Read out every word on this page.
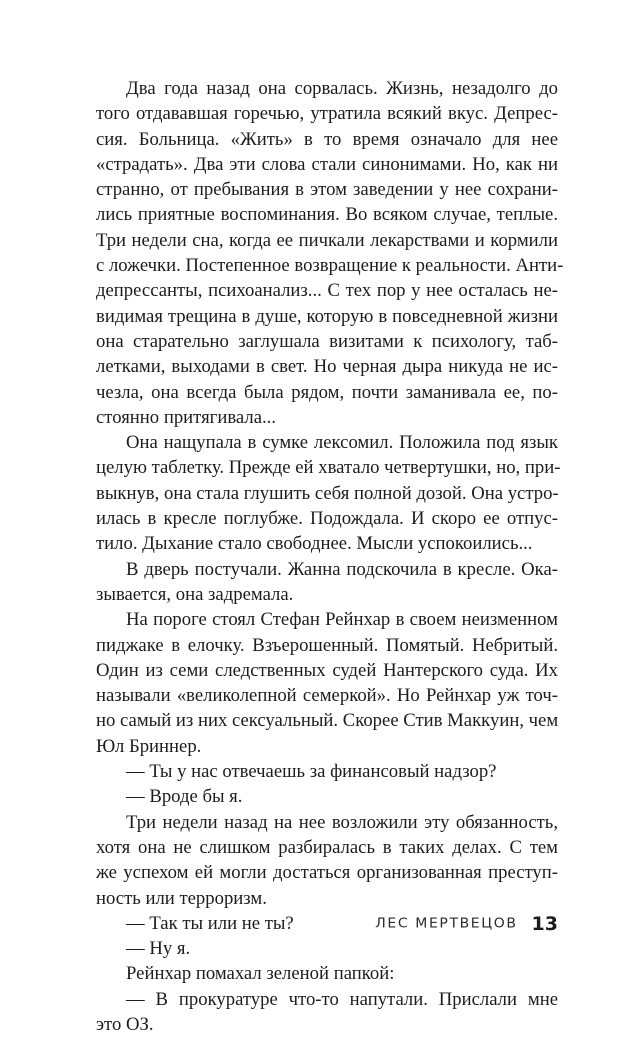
Два года назад она сорвалась. Жизнь, незадолго до
того отдававшая горечью, утратила всякий вкус. Депрес-
сия. Больница. «Жить» в то время означало для нее
«страдать». Два эти слова стали синонимами. Но, как ни
странно, от пребывания в этом заведении у нее сохрани-
лись приятные воспоминания. Во всяком случае, теплые.
Три недели сна, когда ее пичкали лекарствами и кормили
с ложечки. Постепенное возвращение к реальности. Анти-
депрессанты, психоанализ... С тех пор у нее осталась не-
видимая трещина в душе, которую в повседневной жизни
она старательно заглушала визитами к психологу, таб-
летками, выходами в свет. Но черная дыра никуда не ис-
чезла, она всегда была рядом, почти заманивала ее, по-
стоянно притягивала...
Она нащупала в сумке лексомил. Положила под язык
целую таблетку. Прежде ей хватало четвертушки, но, при-
выкнув, она стала глушить себя полной дозой. Она устро-
илась в кресле поглубже. Подождала. И скоро ее отпус-
тило. Дыхание стало свободнее. Мысли успокоились...
В дверь постучали. Жанна подскочила в кресле. Ока-
зывается, она задремала.
На пороге стоял Стефан Рейнхар в своем неизменном
пиджаке в елочку. Взъерошенный. Помятый. Небритый.
Один из семи следственных судей Нантерского суда. Их
называли «великолепной семеркой». Но Рейнхар уж точ-
но самый из них сексуальный. Скорее Стив Маккуин, чем
Юл Бриннер.
— Ты у нас отвечаешь за финансовый надзор?
— Вроде бы я.
Три недели назад на нее возложили эту обязанность,
хотя она не слишком разбиралась в таких делах. С тем
же успехом ей могли достаться организованная преступ-
ность или терроризм.
— Так ты или не ты?
— Ну я.
Рейнхар помахал зеленой папкой:
— В прокуратуре что-то напутали. Прислали мне
это ОЗ.
ЛЕС МЕРТВЕЦОВ 13
